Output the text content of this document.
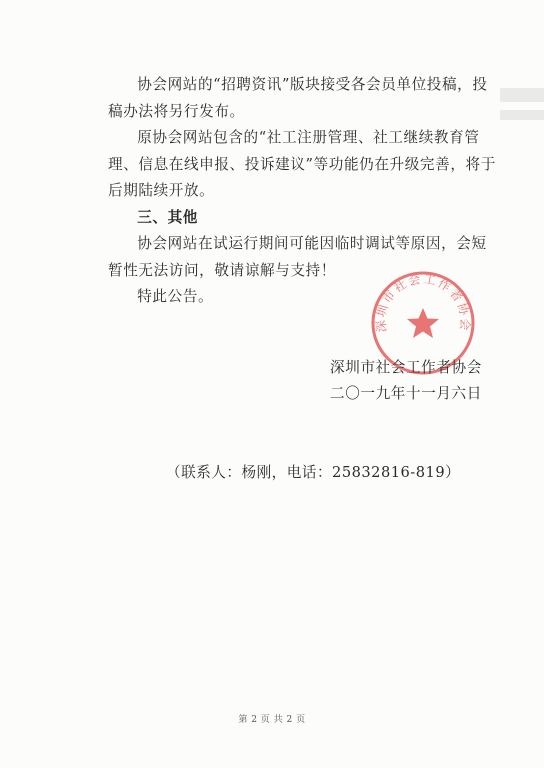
协会网站的“招聘资讯”版块接受各会员单位投稿，投稿办法将另行发布。

原协会网站包含的“社工注册管理、社工继续教育管理、信息在线申报、投诉建议”等功能仍在升级完善，将于后期陆续开放。

三、其他

协会网站在试运行期间可能因临时调试等原因，会短暂性无法访问，敬请谅解与支持！

特此公告。

深圳市社会工作者协会
深圳市社会工作者协会
二〇一九年十一月六日
（联系人：杨刚，电话：25832816-819）
第 2 页 共 2 页
